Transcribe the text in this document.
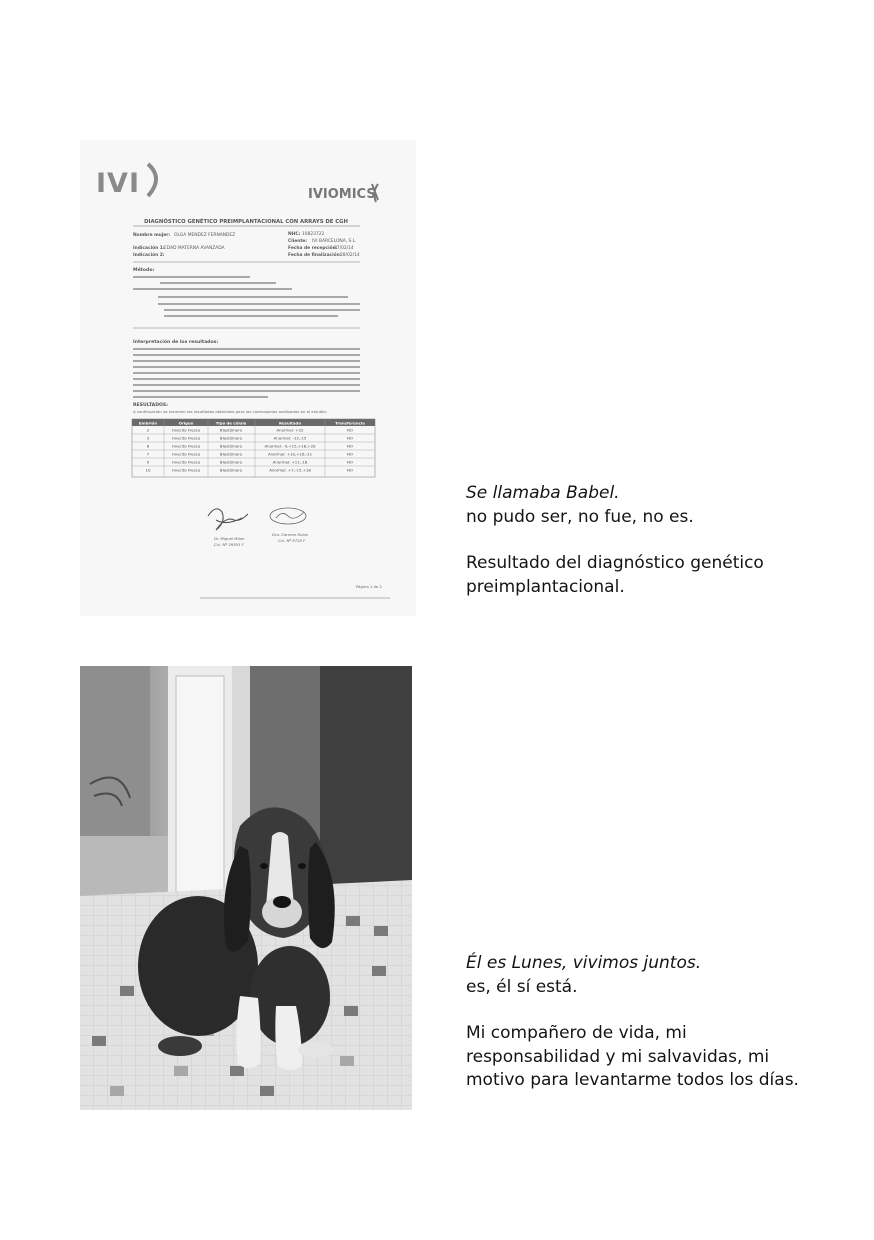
IVI	IVIOMICS
DIAGNÓSTICO GENÉTICO PREIMPLANTACIONAL CON ARRAYS DE CGH
Nombre mujer: OLGA MENDEZ FERNANDEZ	NHC: 10823722
Cliente: IVI BARCELONA, S.L.
Fecha de recepción:
27/02/14
Indicación 1: EDAD MATERNA AVANZADA
Indicación 2:	Fecha de finalización:
28/02/14
Método:
Interpretación de los resultados:
RESULTADOS:
A continuación se resumen los resultados obtenidos para los cromosomas analizados en el estudio:
Embrión	Origen	Tipo de célula	Resultado	Transferencia
2	Ovocito Fresco	Blastómero	Anormal: +22	NO
3	Ovocito Fresco	Blastómero	Anormal: -12,-15	NO
6	Ovocito Fresco	Blastómero	Anormal: -9,+15,+18,+20	NO
7	Ovocito Fresco	Blastómero	Anormal: +10,+16,-21	NO
9	Ovocito Fresco	Blastómero	Anormal: +11,-16	NO
10	Ovocito Fresco	Blastómero	Anormal: +7,-15,+18	NO
Dr. Miguel Milan
Col. Nº 39393 F
Dra. Carmen Rubio
Col. Nº 9728 F
Página 1 de 2

Se llamaba Babel.

no pudo ser, no fue, no es.

Resultado del diagnóstico genético

preimplantacional.

Él es Lunes, vivimos juntos.

es, él sí está.

Mi compañero de vida, mi

responsabilidad y mi salvavidas, mi

motivo para levantarme todos los días.
